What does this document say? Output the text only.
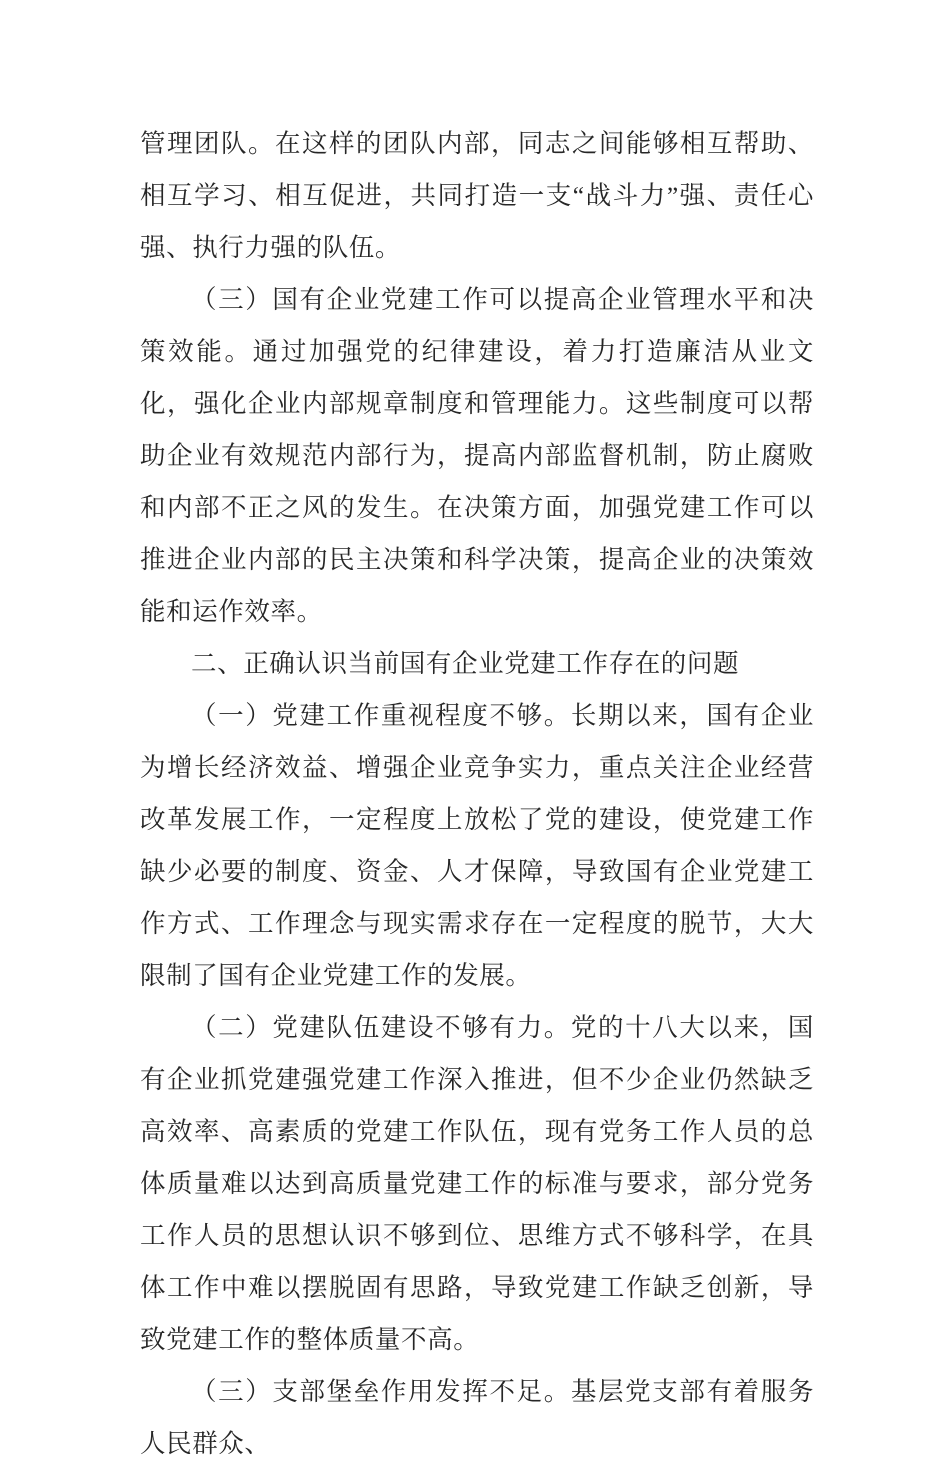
管理团队。在这样的团队内部，同志之间能够相互帮助、相互学习、相互促进，共同打造一支“战斗力”强、责任心强、执行力强的队伍。

（三）国有企业党建工作可以提高企业管理水平和决策效能。通过加强党的纪律建设，着力打造廉洁从业文化，强化企业内部规章制度和管理能力。这些制度可以帮助企业有效规范内部行为，提高内部监督机制，防止腐败和内部不正之风的发生。在决策方面，加强党建工作可以推进企业内部的民主决策和科学决策，提高企业的决策效能和运作效率。

二、正确认识当前国有企业党建工作存在的问题

（一）党建工作重视程度不够。长期以来，国有企业为增长经济效益、增强企业竞争实力，重点关注企业经营改革发展工作，一定程度上放松了党的建设，使党建工作缺少必要的制度、资金、人才保障，导致国有企业党建工作方式、工作理念与现实需求存在一定程度的脱节，大大限制了国有企业党建工作的发展。

（二）党建队伍建设不够有力。党的十八大以来，国有企业抓党建强党建工作深入推进，但不少企业仍然缺乏高效率、高素质的党建工作队伍，现有党务工作人员的总体质量难以达到高质量党建工作的标准与要求，部分党务工作人员的思想认识不够到位、思维方式不够科学，在具体工作中难以摆脱固有思路，导致党建工作缺乏创新，导致党建工作的整体质量不高。

（三）支部堡垒作用发挥不足。基层党支部有着服务人民群众、
